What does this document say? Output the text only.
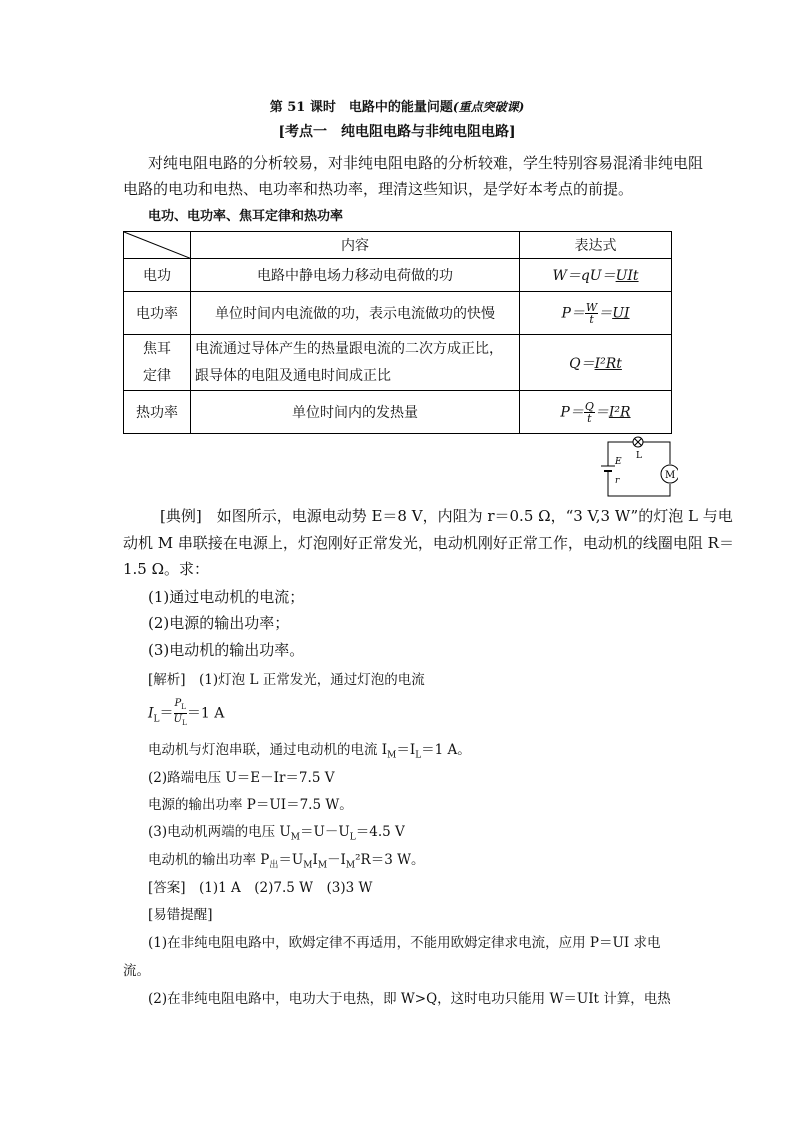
第 51 课时　电路中的能量问题(重点突破课)
[考点一　纯电阻电路与非纯电阻电路]
对纯电阻电路的分析较易，对非纯电阻电路的分析较难，学生特别容易混淆非纯电阻
电路的电功和电热、电功率和热功率，理清这些知识，是学好本考点的前提。
电功、电功率、焦耳定律和热功率
	内容	表达式
电功	电路中静电场力移动电荷做的功	W＝qU＝UIt
电功率	单位时间内电流做的功，表示电流做功的快慢	$P= \frac{W}{t} =UI$
焦耳
定律	电流通过导体产生的热量跟电流的二次方成正比，
跟导体的电阻及通电时间成正比	Q＝I²Rt
热功率	单位时间内的发热量	$P= \frac{Q}{t} =I^2R$
L
E
r	M
[典例]　如图所示，电源电动势 E＝8 V，内阻为 r＝0.5 Ω，“3 V,3 W”的灯泡 L 与电
动机 M 串联接在电源上，灯泡刚好正常发光，电动机刚好正常工作，电动机的线圈电阻 R＝
1.5 Ω。求：
(1)通过电动机的电流；
(2)电源的输出功率；
(3)电动机的输出功率。
[解析]　(1)灯泡 L 正常发光，通过灯泡的电流
$I_L= \frac{P_L}{U_L} =1$ A
电动机与灯泡串联，通过电动机的电流 $I_M=I_L=1$ A。
(2)路端电压 U＝E－Ir＝7.5 V
电源的输出功率 P＝UI＝7.5 W。
(3)电动机两端的电压 $U_M=U-U_L=4.5$ V
电动机的输出功率 $P_出=U_MI_M-I_M^2R=3$ W。
[答案]　(1)1 A　(2)7.5 W　(3)3 W
[易错提醒]
(1)在非纯电阻电路中，欧姆定律不再适用，不能用欧姆定律求电流，应用 P＝UI 求电
流。
(2)在非纯电阻电路中，电功大于电热，即 W>Q，这时电功只能用 W＝UIt 计算，电热
